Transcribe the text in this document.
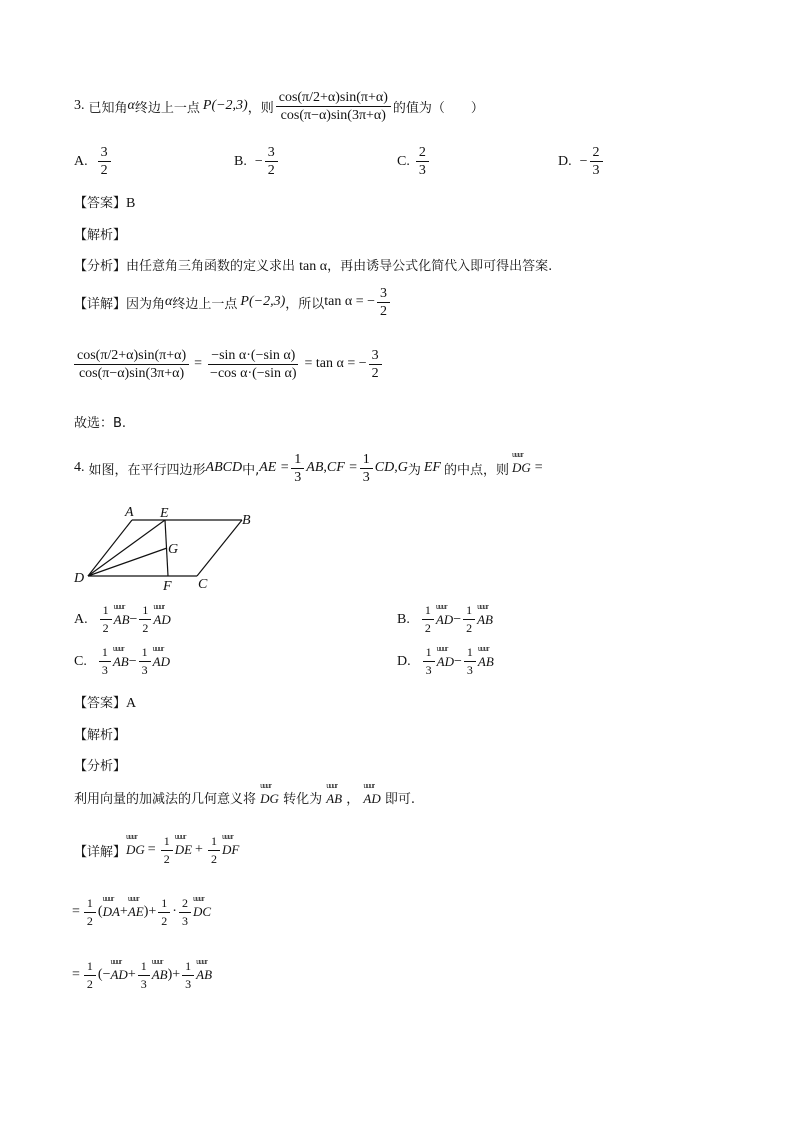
3. 已知角 α 终边上一点 P(−2,3) ，则 $\frac{\cos(\pi/2+\alpha)\sin(\pi+\alpha)}{\cos(\pi-\alpha)\sin(3\pi+\alpha)}$ 的值为（　　）
A. $\frac{3}{2}$	B. − $\frac{3}{2}$	C. $\frac{2}{3}$	D. − $\frac{2}{3}$
【答案】B
【解析】
【分析】由任意角三角函数的定义求出 tan α，再由诱导公式化简代入即可得出答案.
【详解】 因为角 α 终边上一点 P(−2,3) ，所以 tan α = − $\frac{3}{2}$
$\frac{\cos(\pi/2+\alpha)\sin(\pi+\alpha)}{\cos(\pi-\alpha)\sin(3\pi+\alpha)} = \frac{\text{−sin α·(−sin α)}}{\text{−cos α·(−sin α)}} = \tan \alpha$ = − $\frac{3}{2}$
故选：B.
4. 如图，在平行四边形 ABCD 中, AE = $\frac{1}{3}$ AB , CF = $\frac{1}{3}$ CD , G 为 EF 的中点，则 uuur DG =
A E	B
G
D
F C
A. $\frac{1}{2}$ uuur AB − $\frac{1}{2}$ uuur AD	B. $\frac{1}{2}$ uuur AD − $\frac{1}{2}$ uuur AB
C. $\frac{1}{3}$ uuur AB − $\frac{1}{3}$ uuur AD	D. $\frac{1}{3}$ uuur AD − $\frac{1}{3}$ uuur AB
【答案】A
【解析】
【分析】
利用向量的加减法的几何意义将 uuur DG 转化为 uuur AB ， uuur AD 即可.
【详解】 uuur DG = $\frac{1}{2}$ uuur DE + $\frac{1}{2}$ uuur DF
= $\frac{1}{2}$ ( uuur DA + uuur AE )+ $\frac{1}{2} \cdot \frac{2}{3}$ uuur DC
= $\frac{1}{2}$ (− uuur AD + $\frac{1}{3}$ uuur AB )+ $\frac{1}{3}$ uuur AB
